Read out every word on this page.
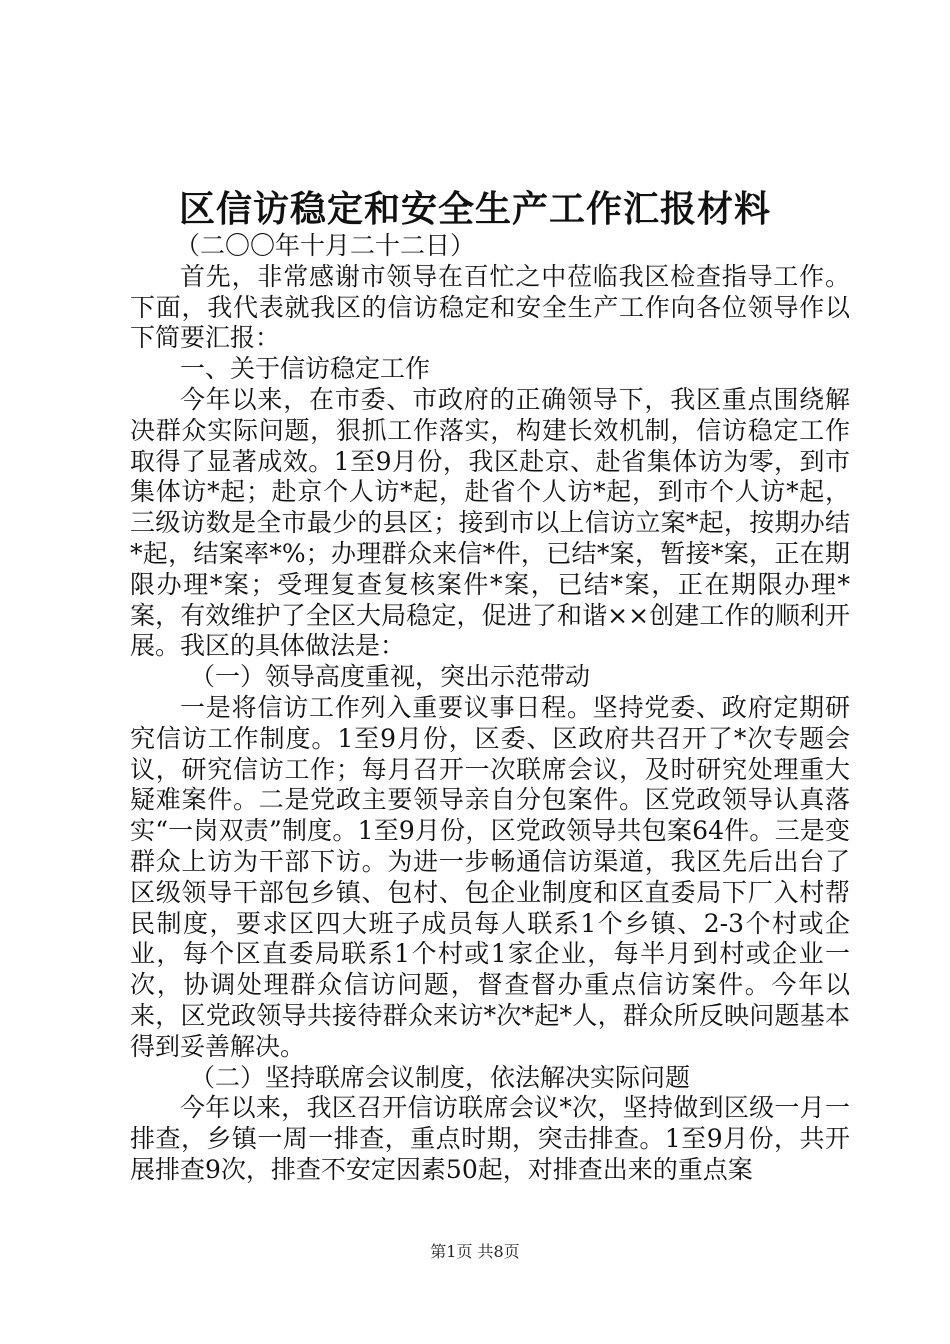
区信访稳定和安全生产工作汇报材料

（二〇〇年十月二十二日）

首先，非常感谢市领导在百忙之中莅临我区检查指导工作。下面，我代表就我区的信访稳定和安全生产工作向各位领导作以下简要汇报：

一、关于信访稳定工作

今年以来，在市委、市政府的正确领导下，我区重点围绕解决群众实际问题，狠抓工作落实，构建长效机制，信访稳定工作取得了显著成效。1至9月份，我区赴京、赴省集体访为零，到市集体访*起；赴京个人访*起，赴省个人访*起，到市个人访*起，三级访数是全市最少的县区；接到市以上信访立案*起，按期办结*起，结案率*%；办理群众来信*件，已结*案，暂接*案，正在期限办理*案；受理复查复核案件*案，已结*案，正在期限办理*案，有效维护了全区大局稳定，促进了和谐××创建工作的顺利开展。我区的具体做法是：

（一）领导高度重视，突出示范带动

一是将信访工作列入重要议事日程。坚持党委、政府定期研究信访工作制度。1至9月份，区委、区政府共召开了*次专题会议，研究信访工作；每月召开一次联席会议，及时研究处理重大疑难案件。二是党政主要领导亲自分包案件。区党政领导认真落实“一岗双责”制度。1至9月份，区党政领导共包案64件。三是变群众上访为干部下访。为进一步畅通信访渠道，我区先后出台了区级领导干部包乡镇、包村、包企业制度和区直委局下厂入村帮民制度，要求区四大班子成员每人联系1个乡镇、2-3个村或企业，每个区直委局联系1个村或1家企业，每半月到村或企业一次，协调处理群众信访问题，督查督办重点信访案件。今年以来，区党政领导共接待群众来访*次*起*人，群众所反映问题基本得到妥善解决。

（二）坚持联席会议制度，依法解决实际问题

今年以来，我区召开信访联席会议*次，坚持做到区级一月一排查，乡镇一周一排查，重点时期，突击排查。1至9月份，共开展排查9次，排查不安定因素50起，对排查出来的重点案

第1页 共8页
